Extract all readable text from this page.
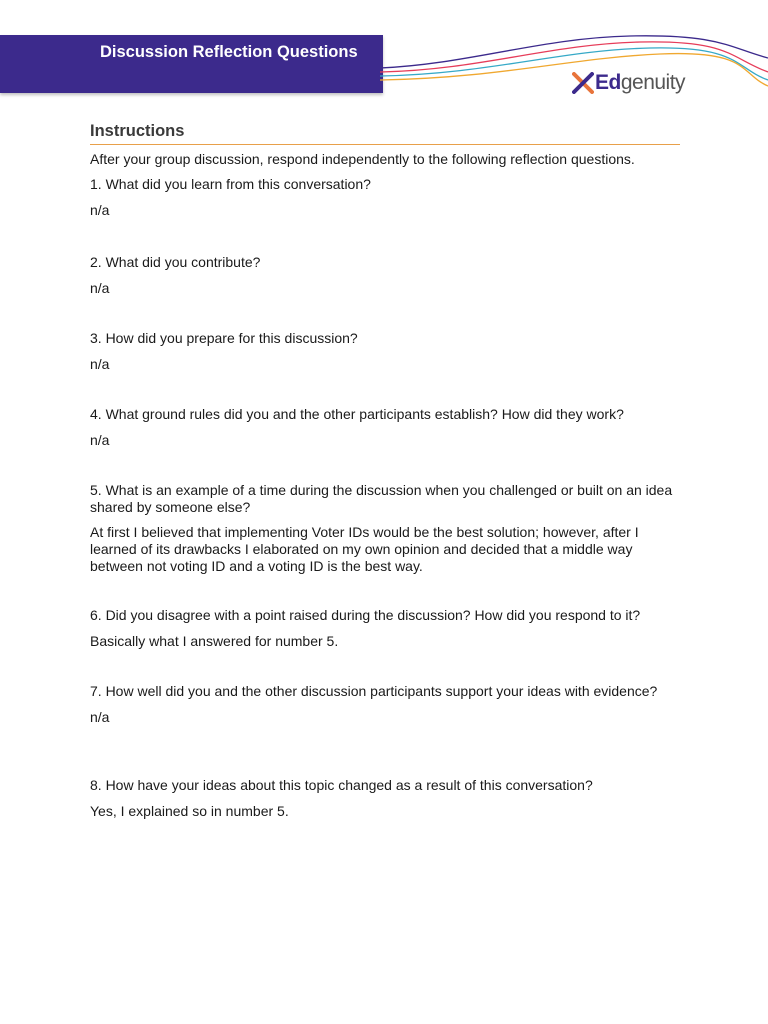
Discussion Reflection Questions
Edgenuity
Instructions

After your group discussion, respond independently to the following reflection questions.

1. What did you learn from this conversation?

n/a

2. What did you contribute?

n/a

3. How did you prepare for this discussion?

n/a

4. What ground rules did you and the other participants establish? How did they work?

n/a

5. What is an example of a time during the discussion when you challenged or built on an idea shared by someone else?

At first I believed that implementing Voter IDs would be the best solution; however, after I learned of its drawbacks I elaborated on my own opinion and decided that a middle way between not voting ID and a voting ID is the best way.

6. Did you disagree with a point raised during the discussion? How did you respond to it?

Basically what I answered for number 5.

7. How well did you and the other discussion participants support your ideas with evidence?

n/a

8. How have your ideas about this topic changed as a result of this conversation?

Yes, I explained so in number 5.
